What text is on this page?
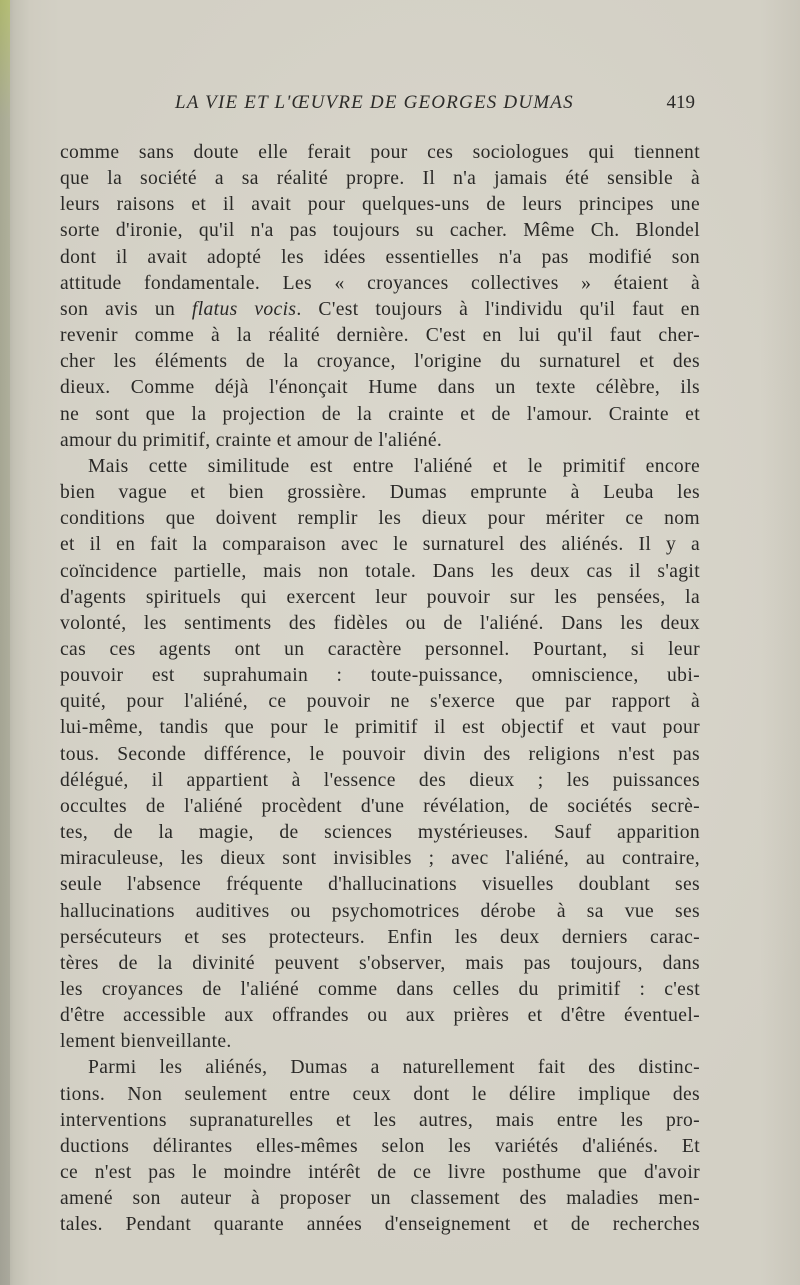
LA VIE ET L'ŒUVRE DE GEORGES DUMAS	419
comme sans doute elle ferait pour ces sociologues qui tiennent
que la société a sa réalité propre. Il n'a jamais été sensible à
leurs raisons et il avait pour quelques-uns de leurs principes une
sorte d'ironie, qu'il n'a pas toujours su cacher. Même Ch. Blondel
dont il avait adopté les idées essentielles n'a pas modifié son
attitude fondamentale. Les « croyances collectives » étaient à
son avis un flatus vocis. C'est toujours à l'individu qu'il faut en
revenir comme à la réalité dernière. C'est en lui qu'il faut cher-
cher les éléments de la croyance, l'origine du surnaturel et des
dieux. Comme déjà l'énonçait Hume dans un texte célèbre, ils
ne sont que la projection de la crainte et de l'amour. Crainte et
amour du primitif, crainte et amour de l'aliéné.
Mais cette similitude est entre l'aliéné et le primitif encore
bien vague et bien grossière. Dumas emprunte à Leuba les
conditions que doivent remplir les dieux pour mériter ce nom
et il en fait la comparaison avec le surnaturel des aliénés. Il y a
coïncidence partielle, mais non totale. Dans les deux cas il s'agit
d'agents spirituels qui exercent leur pouvoir sur les pensées, la
volonté, les sentiments des fidèles ou de l'aliéné. Dans les deux
cas ces agents ont un caractère personnel. Pourtant, si leur
pouvoir est suprahumain : toute-puissance, omniscience, ubi-
quité, pour l'aliéné, ce pouvoir ne s'exerce que par rapport à
lui-même, tandis que pour le primitif il est objectif et vaut pour
tous. Seconde différence, le pouvoir divin des religions n'est pas
délégué, il appartient à l'essence des dieux ; les puissances
occultes de l'aliéné procèdent d'une révélation, de sociétés secrè-
tes, de la magie, de sciences mystérieuses. Sauf apparition
miraculeuse, les dieux sont invisibles ; avec l'aliéné, au contraire,
seule l'absence fréquente d'hallucinations visuelles doublant ses
hallucinations auditives ou psychomotrices dérobe à sa vue ses
persécuteurs et ses protecteurs. Enfin les deux derniers carac-
tères de la divinité peuvent s'observer, mais pas toujours, dans
les croyances de l'aliéné comme dans celles du primitif : c'est
d'être accessible aux offrandes ou aux prières et d'être éventuel-
lement bienveillante.
Parmi les aliénés, Dumas a naturellement fait des distinc-
tions. Non seulement entre ceux dont le délire implique des
interventions supranaturelles et les autres, mais entre les pro-
ductions délirantes elles-mêmes selon les variétés d'aliénés. Et
ce n'est pas le moindre intérêt de ce livre posthume que d'avoir
amené son auteur à proposer un classement des maladies men-
tales. Pendant quarante années d'enseignement et de recherches
